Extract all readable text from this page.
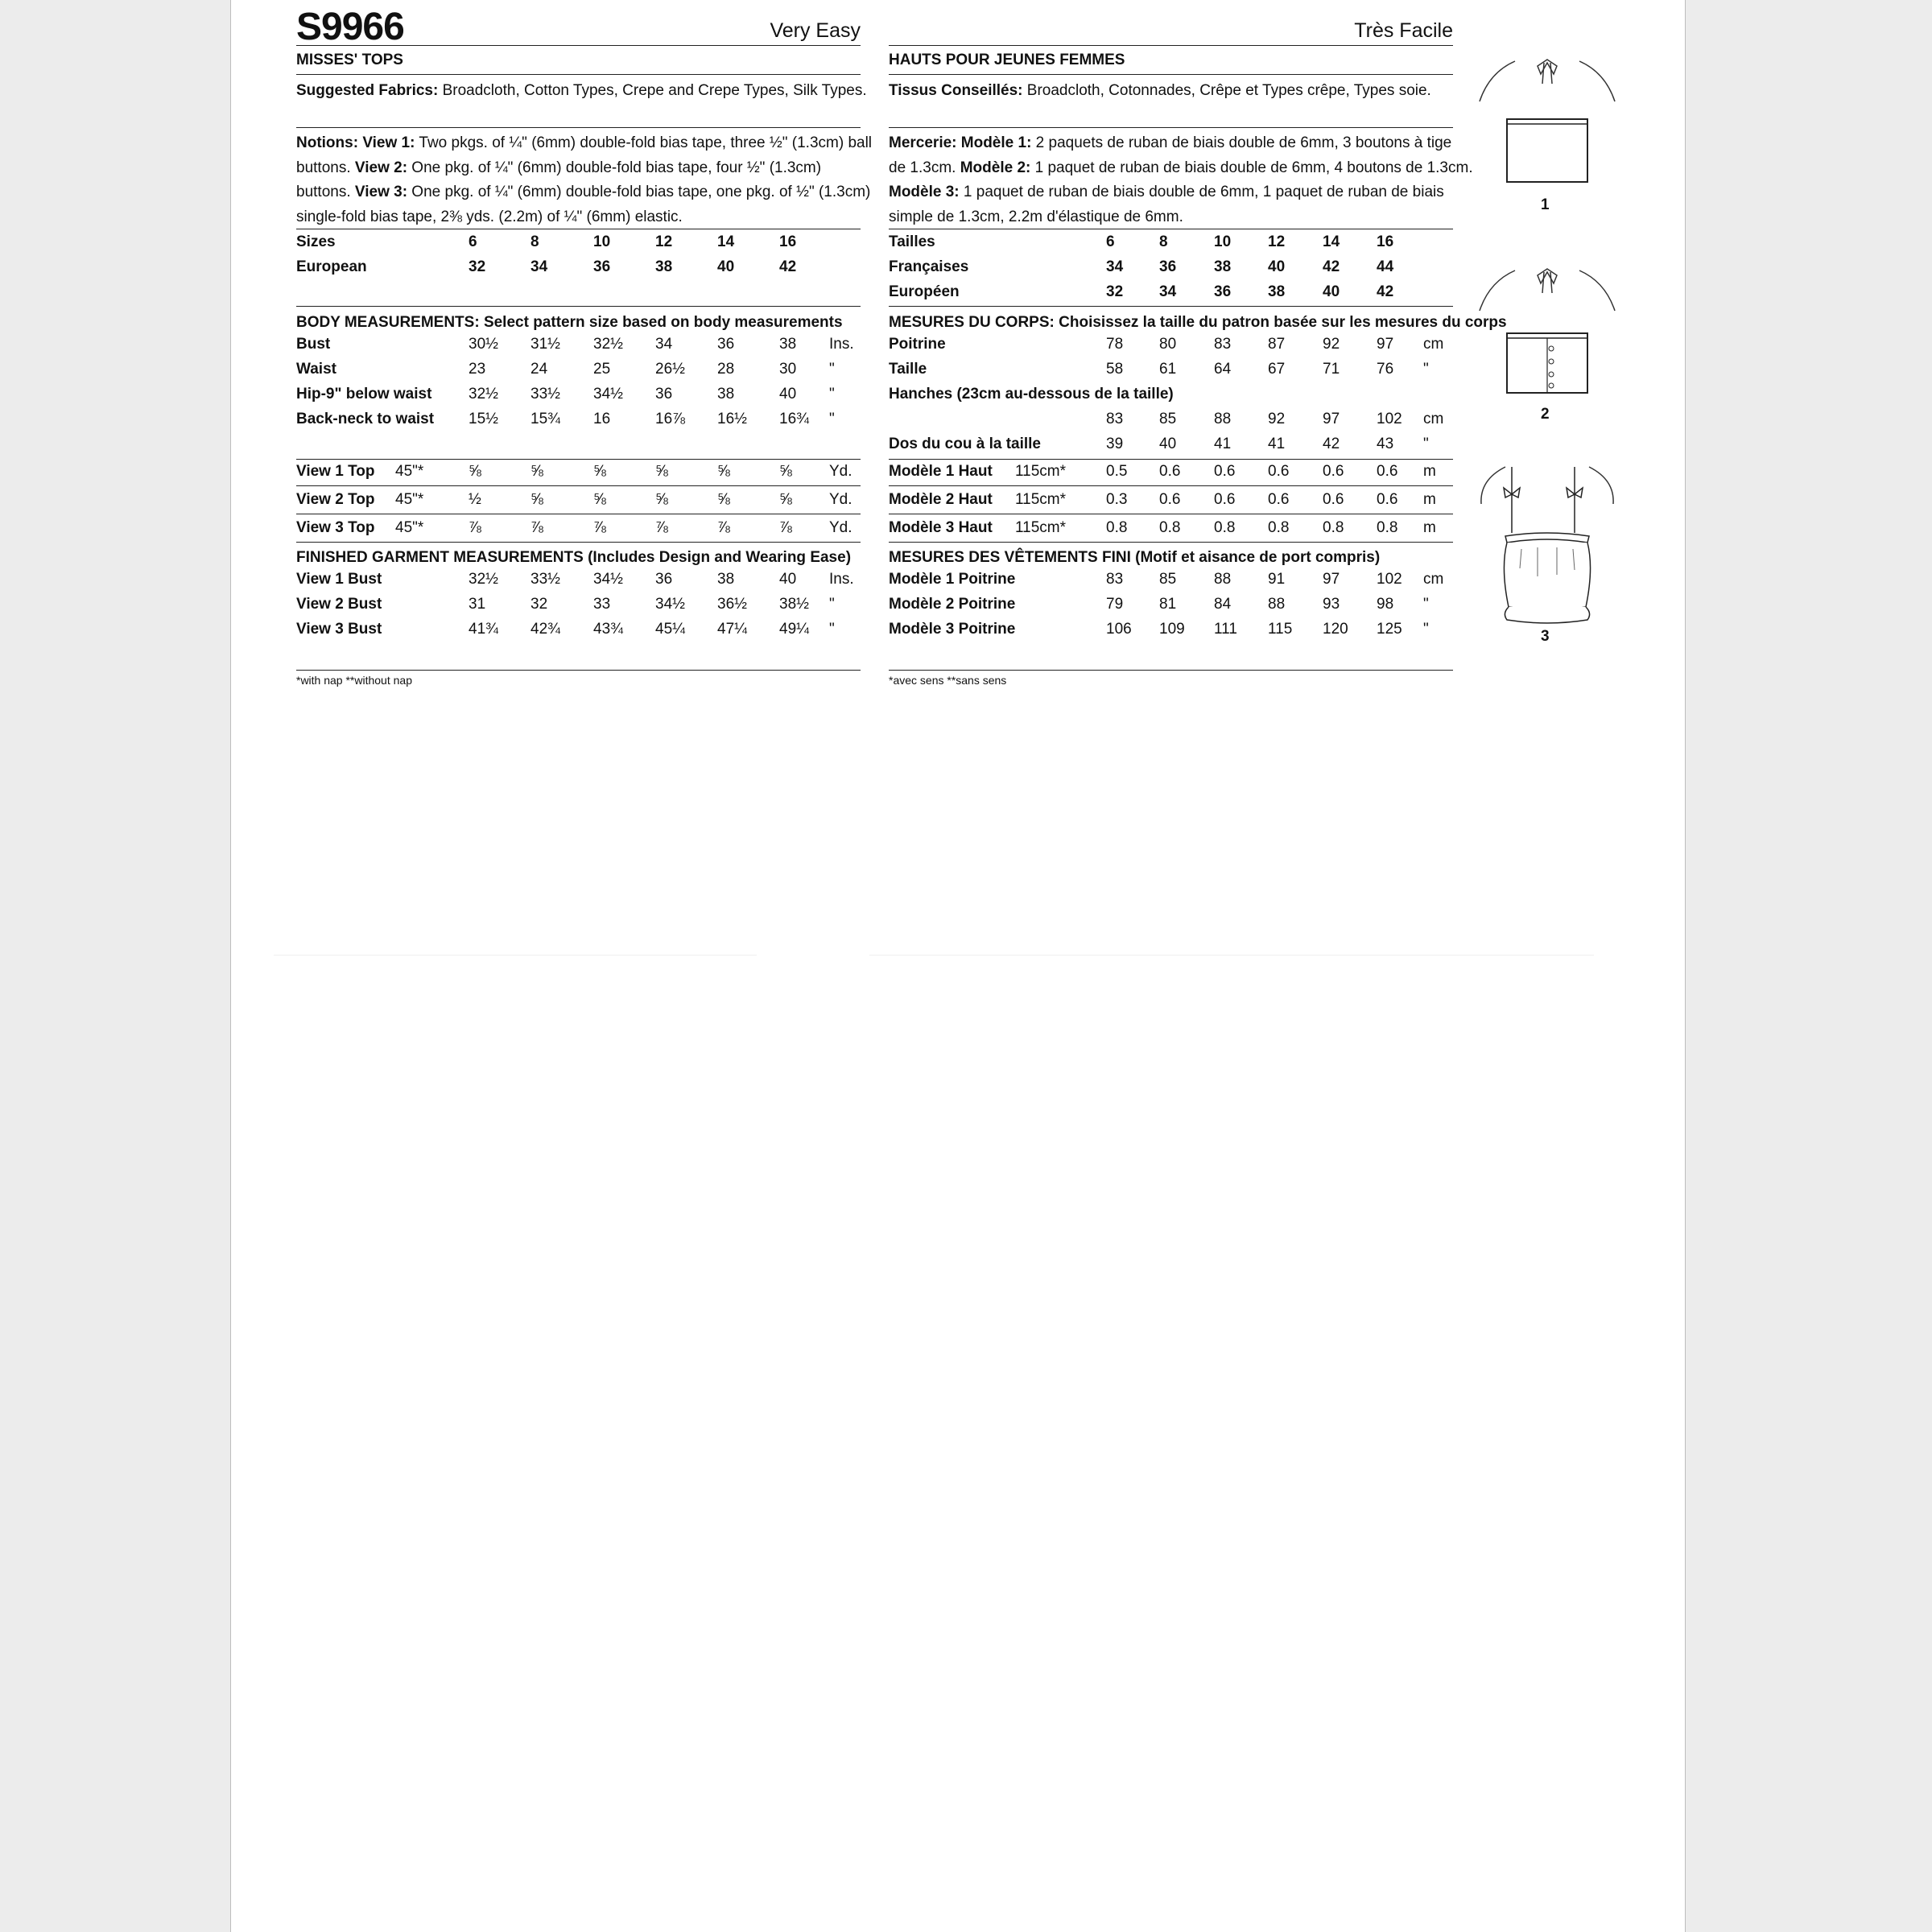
S9966	Very Easy
MISSES' TOPS
Suggested Fabrics: Broadcloth, Cotton Types, Crepe and Crepe Types, Silk Types.
BODY MEASUREMENTS: Select pattern size based on body measurements
FINISHED GARMENT MEASUREMENTS (Includes Design and Wearing Ease)
*with nap **without nap
Sizes	6	8	10	12	14	16
European	32	34	36	38	40	42
Bust	30½ 31½ 32½ 34	36	38 Ins.
Waist	23	24	25	26½ 28	30 "
Hip-9" below waist 32½ 33½ 34½ 36	38	40 "
Back-neck to waist 15½ 15¾ 16	16⅞ 16½ 16¾ "
View 1 Top 45"*	⅝	⅝	⅝	⅝	⅝	⅝ Yd.
View 2 Top 45"*	½	⅝	⅝	⅝	⅝	⅝ Yd.
View 3 Top 45"*	⅞	⅞	⅞	⅞	⅞	⅞ Yd.
View 1 Bust	32½ 33½ 34½ 36	38	40 Ins.
View 2 Bust	31	32	33	34½ 36½ 38½ "
View 3 Bust	41¾ 42¾ 43¾ 45¼ 47¼ 49¼ "
Notions: View 1: Two pkgs. of ¼" (6mm) double-fold bias tape, three ½" (1.3cm) ball
buttons. View 2: One pkg. of ¼" (6mm) double-fold bias tape, four ½" (1.3cm)
buttons. View 3: One pkg. of ¼" (6mm) double-fold bias tape, one pkg. of ½" (1.3cm)
single-fold bias tape, 2⅜ yds. (2.2m) of ¼" (6mm) elastic.
Très Facile
HAUTS POUR JEUNES FEMMES
Tissus Conseillés: Broadcloth, Cotonnades, Crêpe et Types crêpe, Types soie.
MESURES DU CORPS: Choisissez la taille du patron basée sur les mesures du corps
MESURES DES VÊTEMENTS FINI (Motif et aisance de port compris)
*avec sens **sans sens
Tailles	6	8	10 12 14 16
Françaises	34 36 38 40 42 44
Européen	32 34 36 38 40 42
Poitrine	78 80 83 87 92 97 cm
Taille	58 61 64 67 71 76 "
Hanches (23cm au-dessous de la taille)
83 85 88 92 97 102 cm
Dos du cou à la taille	39 40 41 41 42 43 "
Modèle 1 Haut 115cm*	0.5 0.6 0.6 0.6 0.6 0.6 m
Modèle 2 Haut 115cm*	0.3 0.6 0.6 0.6 0.6 0.6 m
Modèle 3 Haut 115cm*	0.8 0.8 0.8 0.8 0.8 0.8 m
Modèle 1 Poitrine	83 85 88 91 97 102 cm
Modèle 2 Poitrine	79 81 84 88 93 98 "
Modèle 3 Poitrine	106 109 111 115 120 125 "
Mercerie: Modèle 1: 2 paquets de ruban de biais double de 6mm, 3 boutons à tige
de 1.3cm. Modèle 2: 1 paquet de ruban de biais double de 6mm, 4 boutons de 1.3cm.
Modèle 3: 1 paquet de ruban de biais double de 6mm, 1 paquet de ruban de biais
simple de 1.3cm, 2.2m d'élastique de 6mm.
1
2
3
